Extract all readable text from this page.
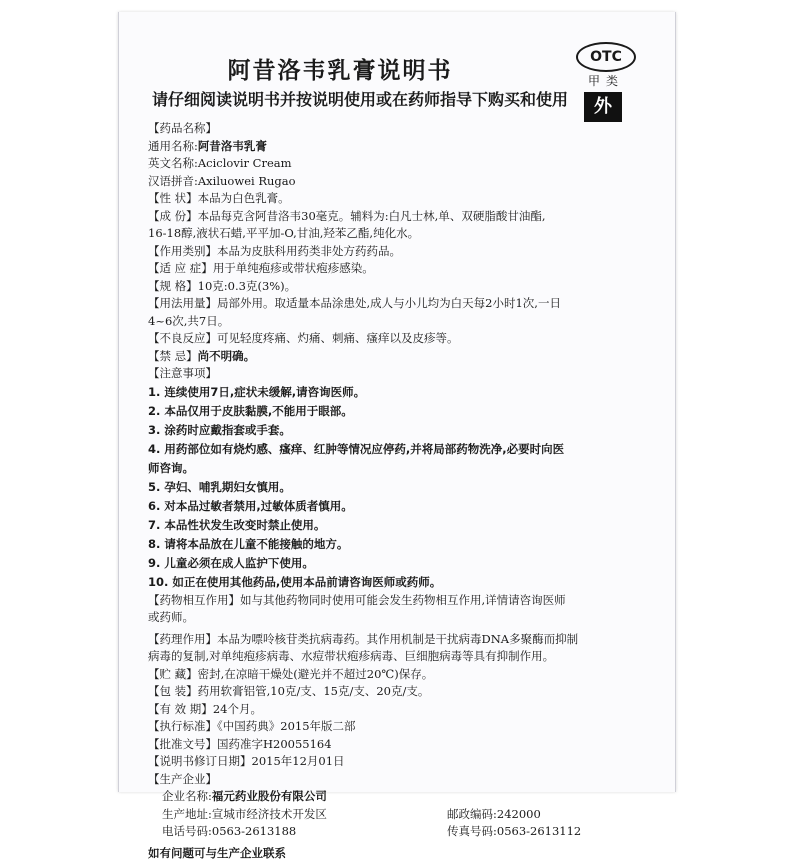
阿昔洛韦乳膏说明书
请仔细阅读说明书并按说明使用或在药师指导下购买和使用
OTC
甲类
外

【药品名称】

通用名称:阿昔洛韦乳膏

英文名称:Aciclovir Cream

汉语拼音:Axiluowei Rugao

【性 状】本品为白色乳膏。

【成 份】本品每克含阿昔洛韦30毫克。辅料为:白凡士林,单、双硬脂酸甘油酯,

16-18醇,液状石蜡,平平加-O,甘油,羟苯乙酯,纯化水。

【作用类别】本品为皮肤科用药类非处方药药品。

【适 应 症】用于单纯疱疹或带状疱疹感染。

【规 格】10克:0.3克(3%)。

【用法用量】局部外用。取适量本品涂患处,成人与小儿均为白天每2小时1次,一日

4~6次,共7日。

【不良反应】可见轻度疼痛、灼痛、刺痛、瘙痒以及皮疹等。

【禁 忌】尚不明确。

【注意事项】

1. 连续使用7日,症状未缓解,请咨询医师。

2. 本品仅用于皮肤黏膜,不能用于眼部。

3. 涂药时应戴指套或手套。

4. 用药部位如有烧灼感、瘙痒、红肿等情况应停药,并将局部药物洗净,必要时向医

师咨询。

5. 孕妇、哺乳期妇女慎用。

6. 对本品过敏者禁用,过敏体质者慎用。

7. 本品性状发生改变时禁止使用。

8. 请将本品放在儿童不能接触的地方。

9. 儿童必须在成人监护下使用。

10. 如正在使用其他药品,使用本品前请咨询医师或药师。

【药物相互作用】如与其他药物同时使用可能会发生药物相互作用,详情请咨询医师

或药师。

【药理作用】本品为嘌呤核苷类抗病毒药。其作用机制是干扰病毒DNA多聚酶而抑制

病毒的复制,对单纯疱疹病毒、水痘带状疱疹病毒、巨细胞病毒等具有抑制作用。

【贮 藏】密封,在凉暗干燥处(避光并不超过20℃)保存。

【包 装】药用软膏铝管,10克/支、15克/支、20克/支。

【有 效 期】24个月。

【执行标准】《中国药典》2015年版二部

【批准文号】国药准字H20055164

【说明书修订日期】2015年12月01日

【生产企业】

企业名称:福元药业股份有限公司

生产地址:宣城市经济技术开发区	邮政编码:242000
电话号码:0563-2613188	传真号码:0563-2613112

如有问题可与生产企业联系
